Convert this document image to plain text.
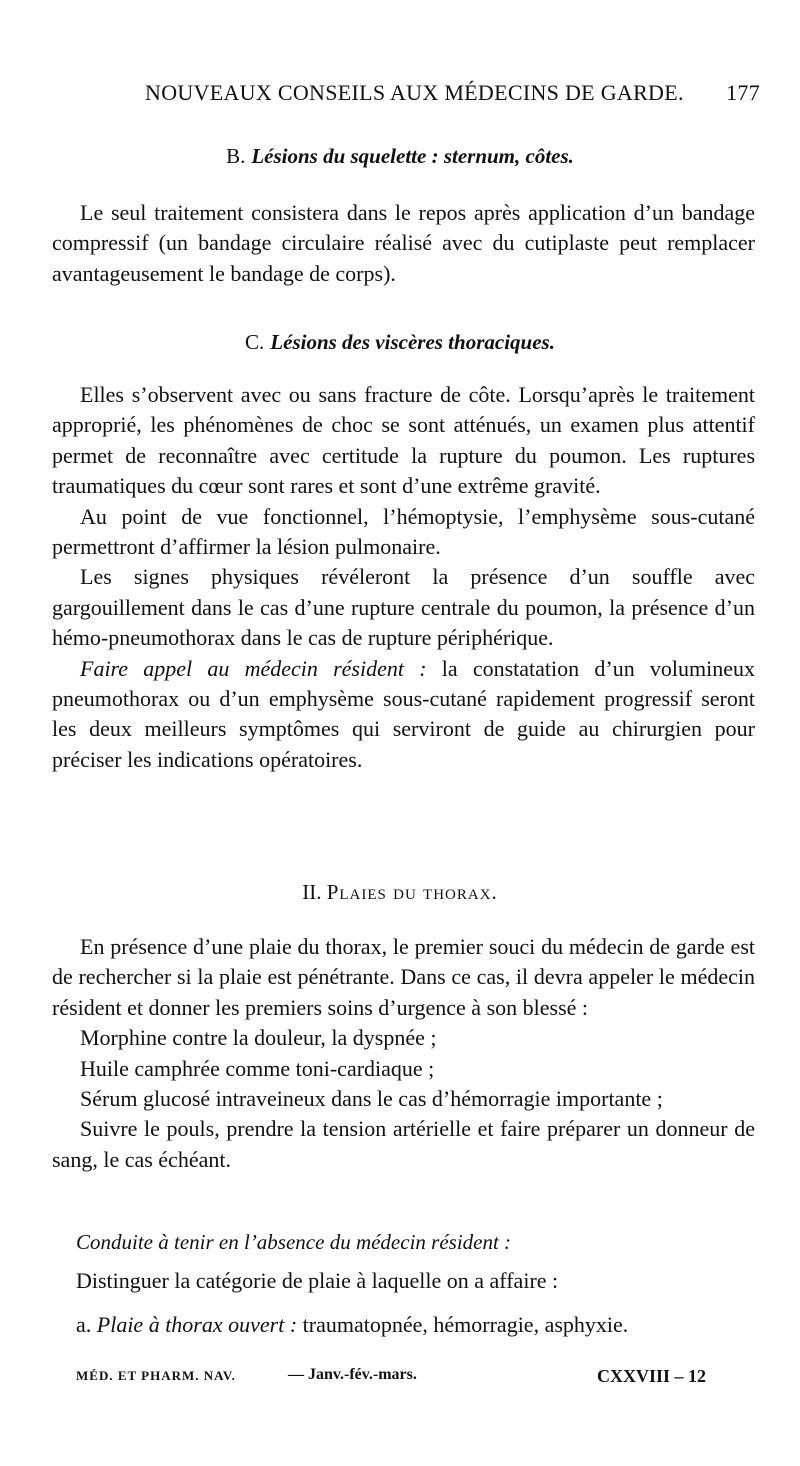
NOUVEAUX CONSEILS AUX MÉDECINS DE GARDE. 177
B. Lésions du squelette : sternum, côtes.

Le seul traitement consistera dans le repos après application d’un bandage compressif (un bandage circulaire réalisé avec du cutiplaste peut remplacer avantageusement le bandage de corps).

C. Lésions des viscères thoraciques.

Elles s’observent avec ou sans fracture de côte. Lorsqu’après le traitement approprié, les phénomènes de choc se sont atténués, un examen plus attentif permet de reconnaître avec certitude la rupture du poumon. Les ruptures traumatiques du cœur sont rares et sont d’une extrême gravité.

Au point de vue fonctionnel, l’hémoptysie, l’emphysème sous-cutané permettront d’affirmer la lésion pulmonaire.

Les signes physiques révéleront la présence d’un souffle avec gargouillement dans le cas d’une rupture centrale du poumon, la présence d’un hémo-pneumothorax dans le cas de rupture périphérique.

Faire appel au médecin résident : la constatation d’un volumineux pneumothorax ou d’un emphysème sous-cutané rapidement progressif seront les deux meilleurs symptômes qui serviront de guide au chirurgien pour préciser les indications opératoires.

II. Plaies du thorax.

En présence d’une plaie du thorax, le premier souci du médecin de garde est de rechercher si la plaie est pénétrante. Dans ce cas, il devra appeler le médecin résident et donner les premiers soins d’urgence à son blessé :

Morphine contre la douleur, la dyspnée ;

Huile camphrée comme toni-cardiaque ;

Sérum glucosé intraveineux dans le cas d’hémorragie importante ;

Suivre le pouls, prendre la tension artérielle et faire préparer un donneur de sang, le cas échéant.

Conduite à tenir en l’absence du médecin résident :
Distinguer la catégorie de plaie à laquelle on a affaire :
a. Plaie à thorax ouvert : traumatopnée, hémorragie, asphyxie.
MÉD. ET PHARM. NAV.	— Janv.-fév.-mars.	CXXVIII – 12
